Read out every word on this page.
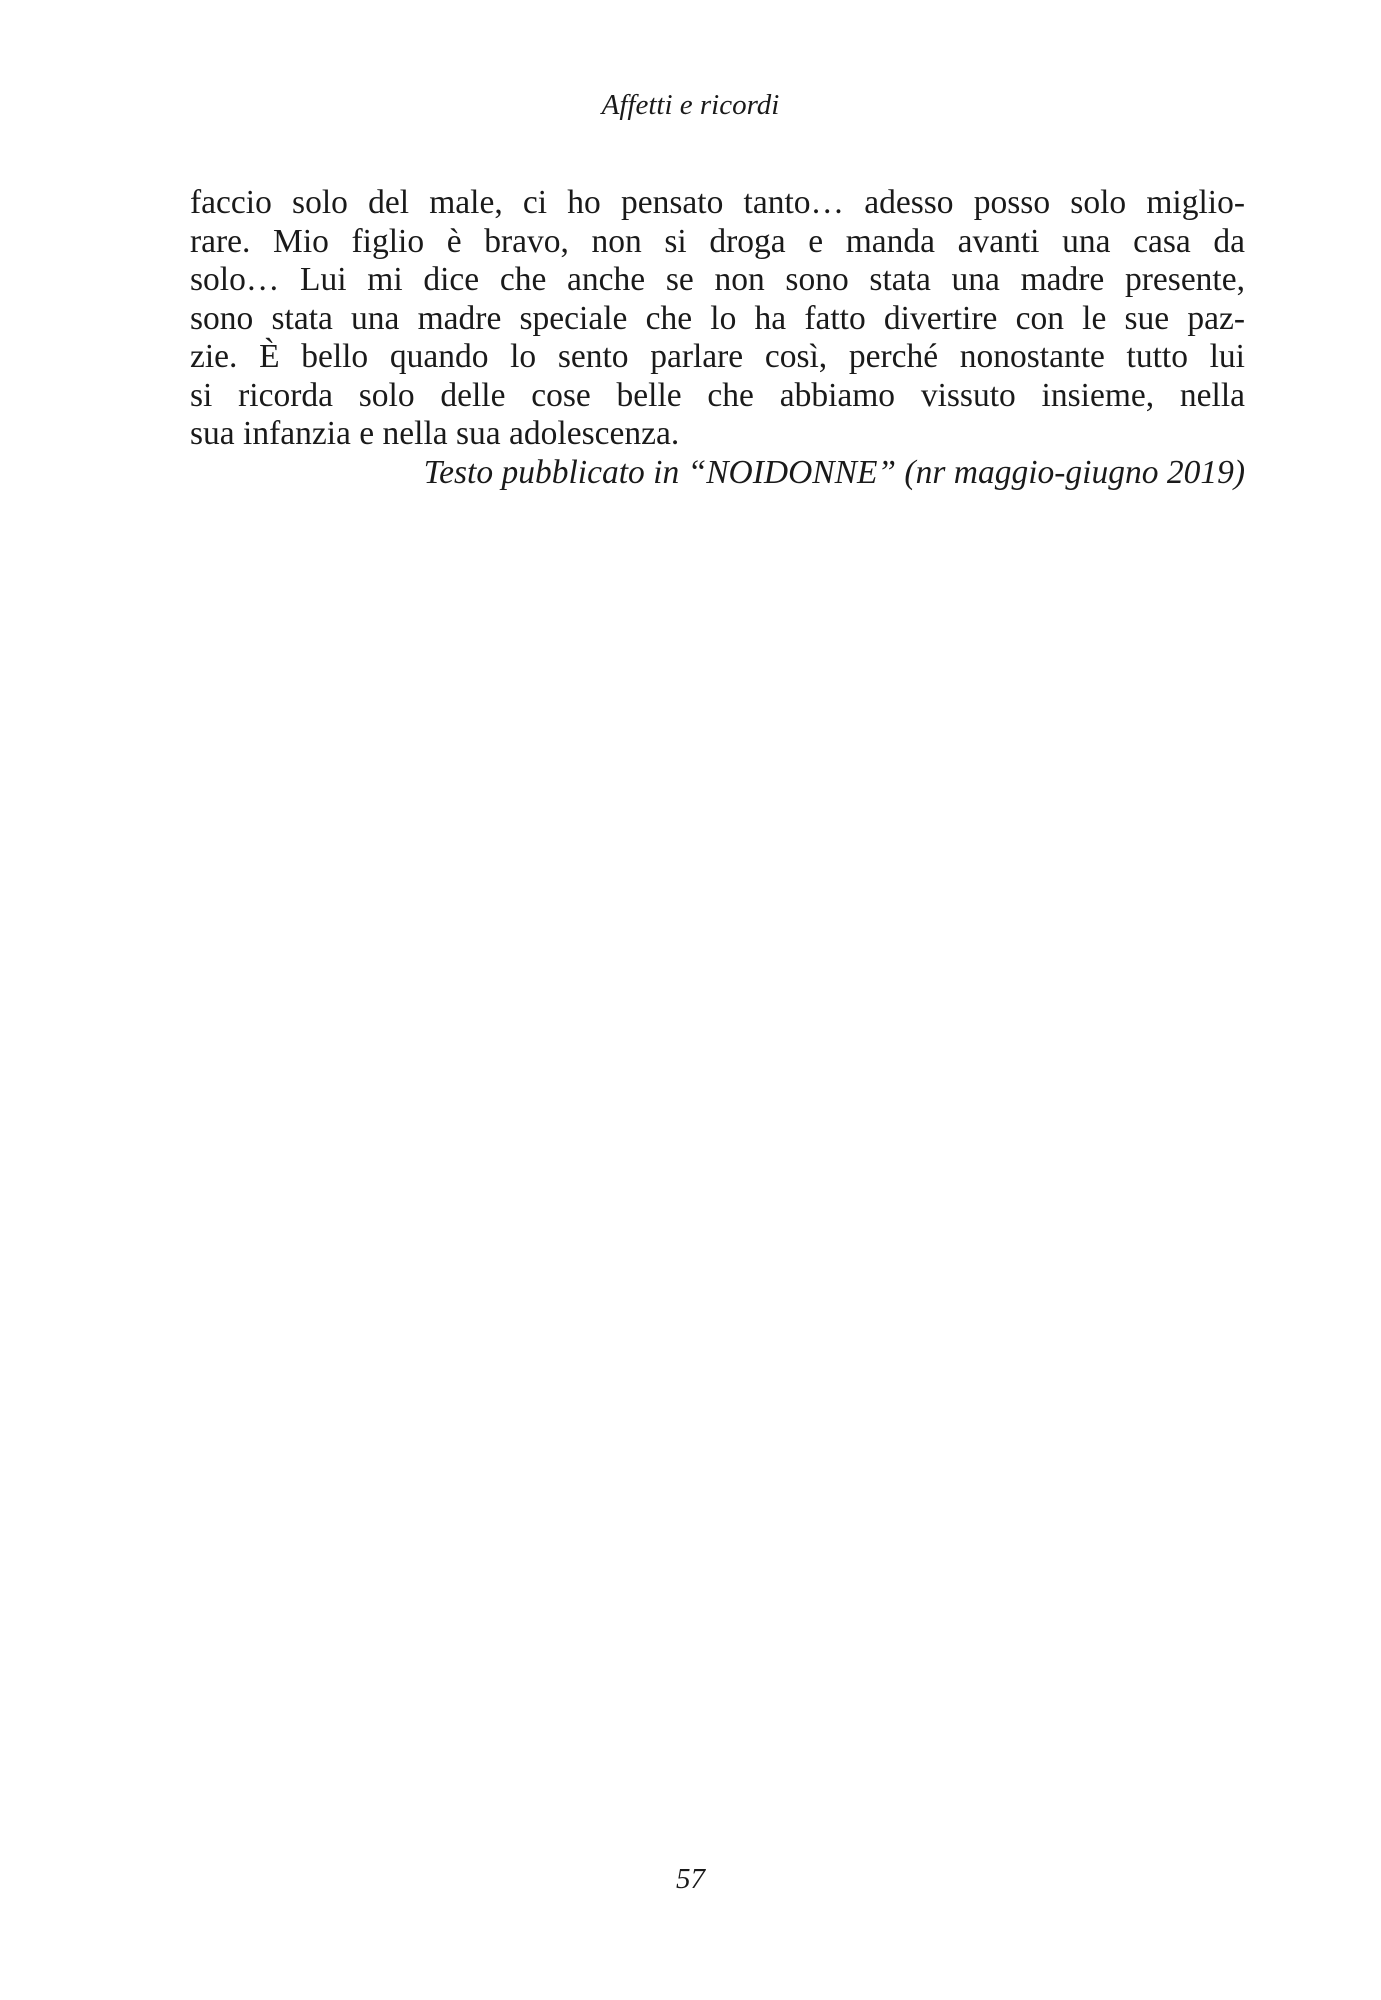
Affetti e ricordi
faccio solo del male, ci ho pensato tanto… adesso posso solo miglio-
rare. Mio figlio è bravo, non si droga e manda avanti una casa da
solo… Lui mi dice che anche se non sono stata una madre presente,
sono stata una madre speciale che lo ha fatto divertire con le sue paz-
zie. È bello quando lo sento parlare così, perché nonostante tutto lui
si ricorda solo delle cose belle che abbiamo vissuto insieme, nella
sua infanzia e nella sua adolescenza.
Testo pubblicato in “NOIDONNE” (nr maggio-giugno 2019)
57
